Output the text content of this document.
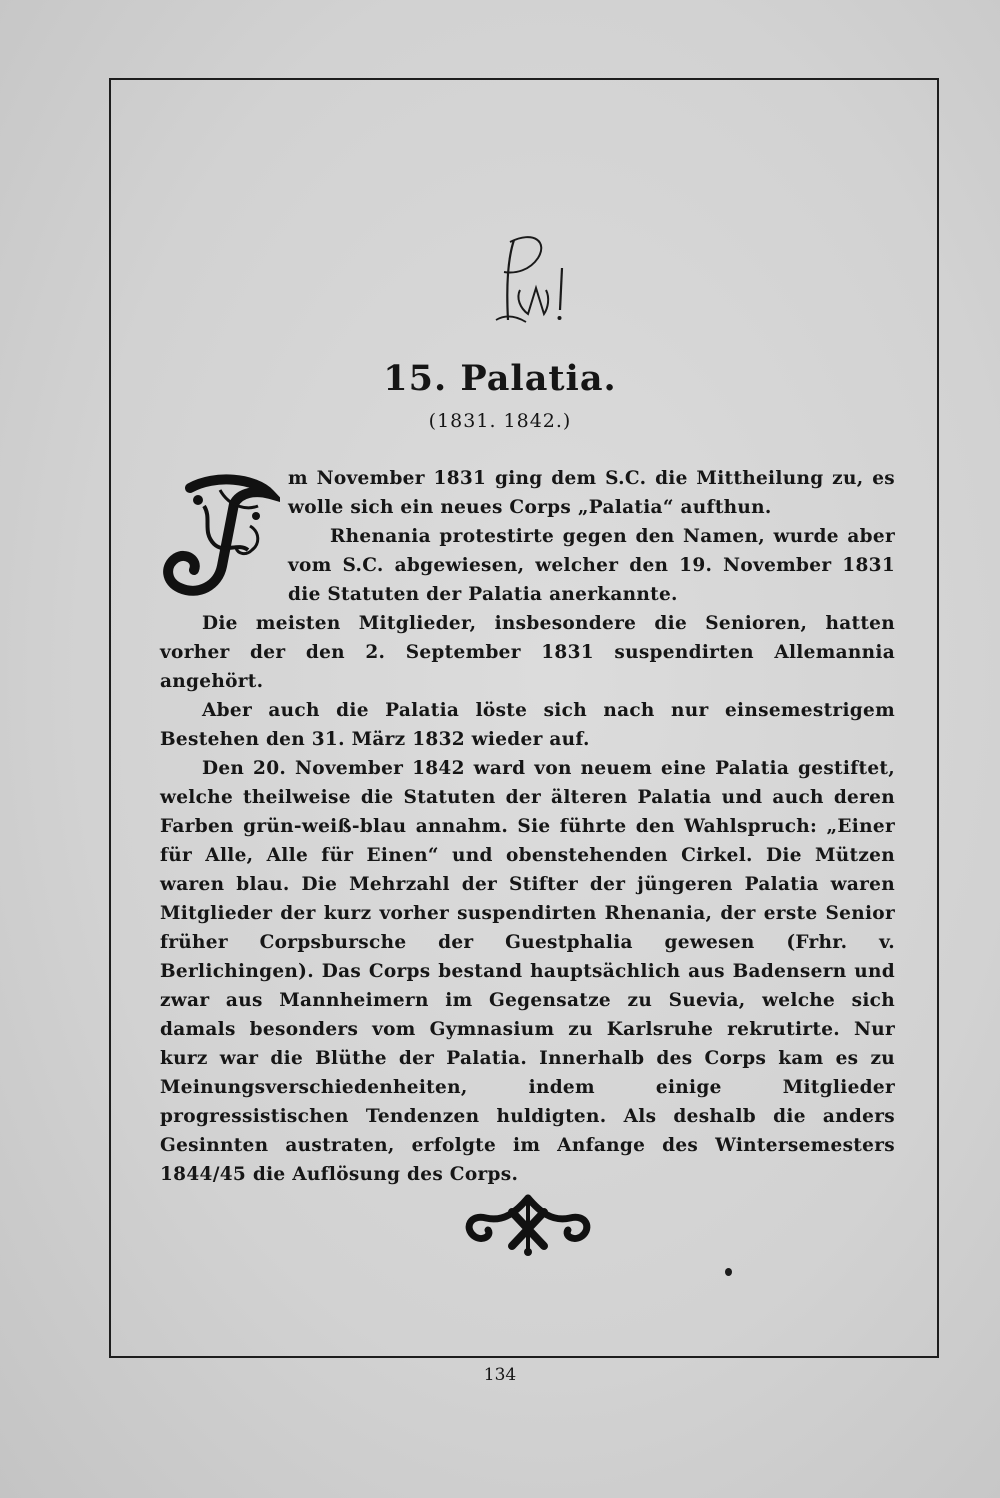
15. Palatia.
(1831. 1842.)

m November 1831 ging dem S.C. die Mittheilung zu, es wolle sich ein neues Corps „Palatia“ aufthun.

Rhenania protestirte gegen den Namen, wurde aber vom S.C. abgewiesen, welcher den 19. November 1831 die Statuten der Palatia anerkannte.

Die meisten Mitglieder, insbesondere die Senioren, hatten vorher der den 2. September 1831 suspendirten Allemannia angehört.

Aber auch die Palatia löste sich nach nur einsemestrigem Bestehen den 31. März 1832 wieder auf.

Den 20. November 1842 ward von neuem eine Palatia gestiftet, welche theilweise die Statuten der älteren Palatia und auch deren Farben grün-weiß-blau annahm. Sie führte den Wahlspruch: „Einer für Alle, Alle für Einen“ und obenstehenden Cirkel. Die Mützen waren blau. Die Mehrzahl der Stifter der jüngeren Palatia waren Mitglieder der kurz vorher suspendirten Rhenania, der erste Senior früher Corpsbursche der Guestphalia gewesen (Frhr. v. Berlichingen). Das Corps bestand hauptsächlich aus Badensern und zwar aus Mannheimern im Gegensatze zu Suevia, welche sich damals besonders vom Gymnasium zu Karlsruhe rekrutirte. Nur kurz war die Blüthe der Palatia. Innerhalb des Corps kam es zu Meinungsverschiedenheiten, indem einige Mitglieder progressistischen Tendenzen huldigten. Als deshalb die anders Gesinnten austraten, erfolgte im Anfange des Wintersemesters 1844/45 die Auflösung des Corps.

134
